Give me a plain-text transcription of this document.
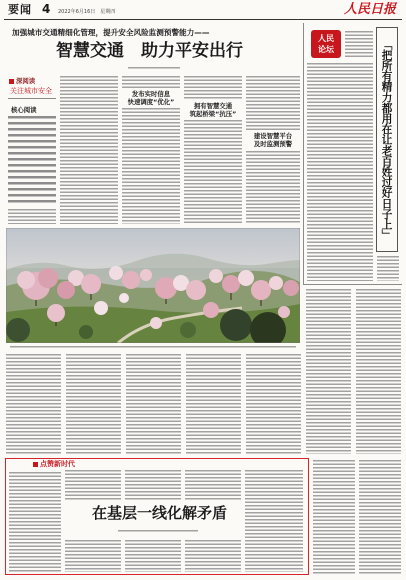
要闻 4 2022年6月16日　星期四	人民日报
加强城市交通精细化管理，提升安全风险监测预警能力——
智慧交通　助力平安出行
深阅读
关注城市安全
核心阅读
发布实时信息
快速调度“优化”
拥有智慧交通
筑起桥梁“抗压”
建设智慧平台
及时监测预警
人民
论坛	「把所有精力都用在让老百姓过好日子上」
点赞新时代
在基层一线化解矛盾
